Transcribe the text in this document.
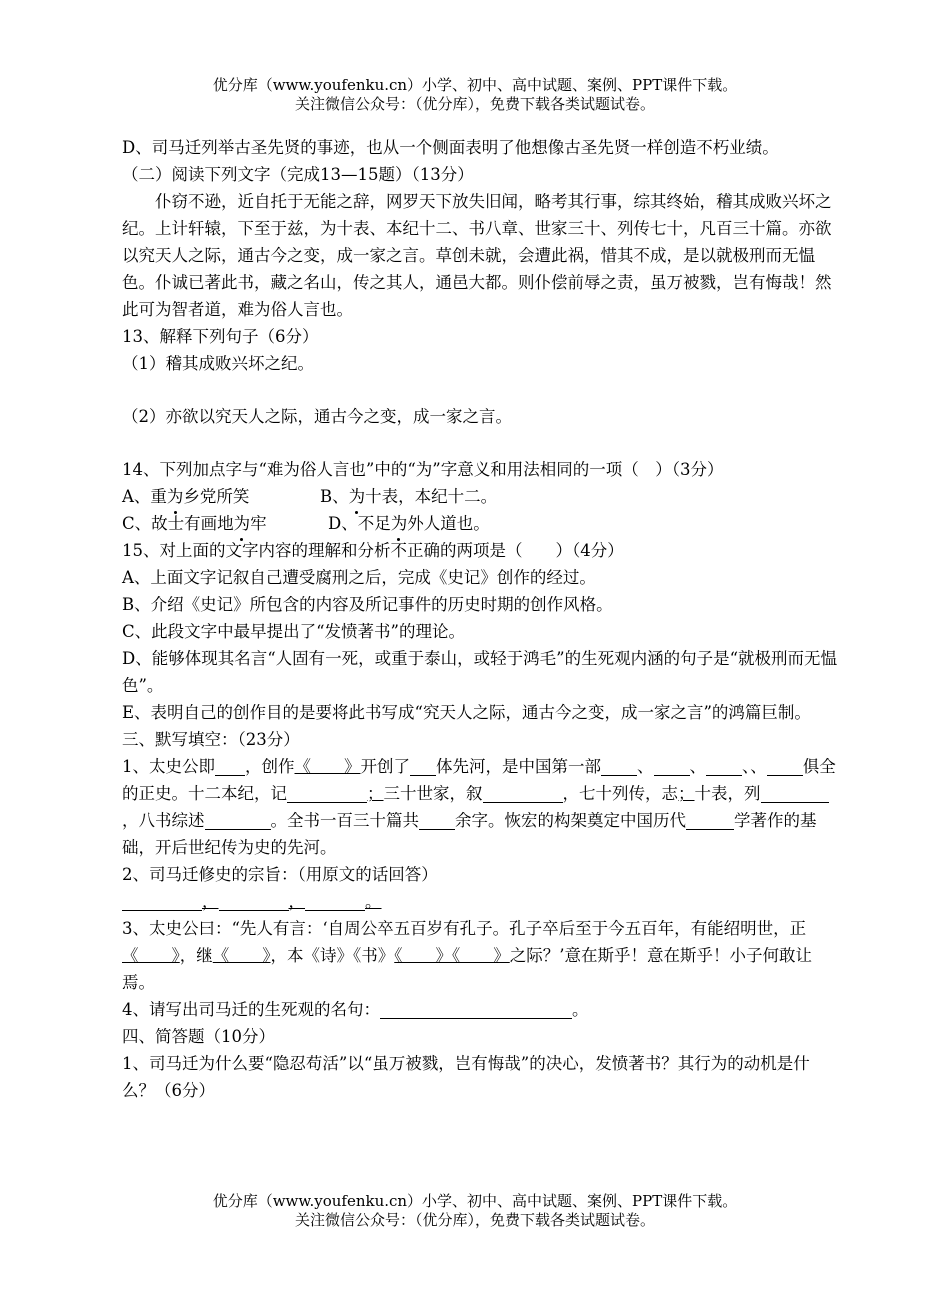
优分库（www.youfenku.cn）小学、初中、高中试题、案例、PPT课件下载。
关注微信公众号：（优分库），免费下载各类试题试卷。
D、司马迁列举古圣先贤的事迹，也从一个侧面表明了他想像古圣先贤一样创造不朽业绩。
（二）阅读下列文字（完成13—15题）（13分）
仆窃不逊，近自托于无能之辞，网罗天下放失旧闻，略考其行事，综其终始，稽其成败兴坏之纪。上计轩辕，下至于兹，为十表、本纪十二、书八章、世家三十、列传七十，凡百三十篇。亦欲以究天人之际，通古今之变，成一家之言。草创未就，会遭此祸，惜其不成，是以就极刑而无愠色。仆诚已著此书，藏之名山，传之其人，通邑大都。则仆偿前辱之责，虽万被戮，岂有悔哉！然此可为智者道，难为俗人言也。
13、解释下列句子（6分）
（1）稽其成败兴坏之纪。
（2）亦欲以究天人之际，通古今之变，成一家之言。
14、下列加点字与“难为俗人言也”中的“为”字意义和用法相同的一项（　）（3分）
A、重为乡党所笑	B、为十表，本纪十二。
C、故士有画地为牢	D、不足为外人道也。
15、对上面的文字内容的理解和分析不正确的两项是（　　）（4分）
A、上面文字记叙自己遭受腐刑之后，完成《史记》创作的经过。
B、介绍《史记》所包含的内容及所记事件的历史时期的创作风格。
C、此段文字中最早提出了“发愤著书”的理论。
D、能够体现其名言“人固有一死，或重于泰山，或轻于鸿毛”的生死观内涵的句子是“就极刑而无愠色”。
E、表明自己的创作目的是要将此书写成“究天人之际，通古今之变，成一家之言”的鸿篇巨制。
三、默写填空：（23分）
1、太史公即 ，创作《　　》开创了 体先河，是中国第一部 、 、 、、 俱全的正史。十二本纪，记	；三十世家，叙	，七十列传，志；十表，列，八书综述	。全书一百三十篇共 余字。恢宏的构架奠定中国历代	学著作的基础，开后世纪传为史的先河。
2、司马迁修史的宗旨：（用原文的话回答）
，	，	。
3、太史公曰：“先人有言：‘自周公卒五百岁有孔子。孔子卒后至于今五百年，有能绍明世，正《　　》，继《　　》，本《诗》《书》《　　》《　　》之际？’意在斯乎！意在斯乎！小子何敢让焉。
4、请写出司马迁的生死观的名句：	。
四、简答题（10分）
1、司马迁为什么要“隐忍苟活”以“虽万被戮，岂有悔哉”的决心，发愤著书？其行为的动机是什么？（6分）
优分库（www.youfenku.cn）小学、初中、高中试题、案例、PPT课件下载。
关注微信公众号：（优分库），免费下载各类试题试卷。
